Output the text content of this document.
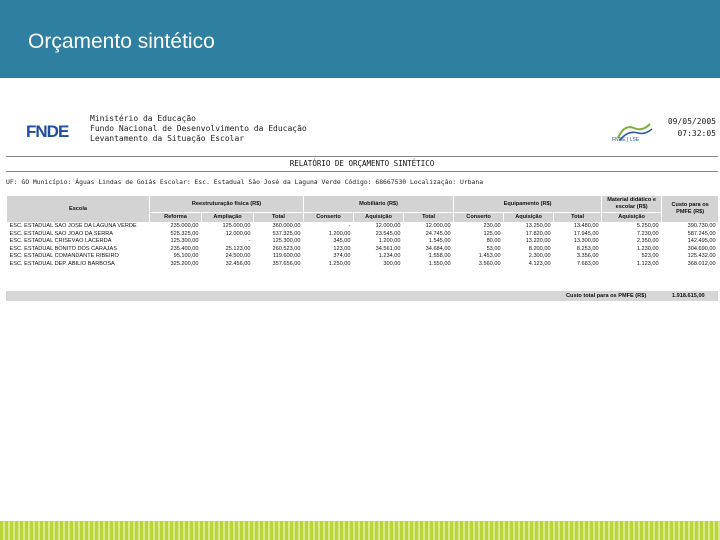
Orçamento sintético
FNDE
Ministério da Educação
Fundo Nacional de Desenvolvimento da Educação
Levantamento da Situação Escolar	FNDE | LSE
09/05/2005
07:32:05
RELATÓRIO DE ORÇAMENTO SINTÉTICO
UF: GO Município: Águas Lindas de Goiás Escolar: Esc. Estadual São José da Laguna Verde Código: 68667530 Localização: Urbana
Escola	Reestruturação física (R$)			Mobiliário (R$)			Equipamento (R$)			Material didático e escolar (R$)	Custo para os PMFE (R$)
	Reforma	Ampliação	Total	Conserto	Aquisição	Total	Conserto	Aquisição	Total	Aquisição	
ESC. ESTADUAL SÃO JOSÉ DA LAGUNA VERDE	235.000,00	125.000,00	360.000,00	-	12.000,00	12.000,00	230,00	13.250,00	13.480,00	5.250,00	390.730,00
ESC. ESTADUAL SÃO JOÃO DA SERRA	525.325,00	12.000,00	537.325,00	1.200,00	23.545,00	24.745,00	125,00	17.820,00	17.945,00	7.230,00	587.245,00
ESC. ESTADUAL CRISEVÃO LACERDA	125.300,00	-	125.300,00	345,00	1.200,00	1.545,00	80,00	13.220,00	13.300,00	2.350,00	142.495,00
ESC. ESTADUAL BONITO DOS CARAJÁS	235.400,00	25.123,00	260.523,00	123,00	34.561,00	34.684,00	53,00	8.200,00	8.253,00	1.230,00	304.690,00
ESC. ESTADUAL COMANDANTE RIBEIRO	95.100,00	24.500,00	119.600,00	374,00	1.234,00	1.558,00	1.453,00	2.300,00	3.356,00	523,00	125.432,00
ESC. ESTADUAL DEP. ABÍLIO BARBOSA	325.200,00	32.456,00	357.656,00	1.250,00	300,00	1.550,00	3.560,00	4.123,00	7.683,00	1.123,00	368.012,00
Custo total para os PMFE (R$)	1.918.615,00
